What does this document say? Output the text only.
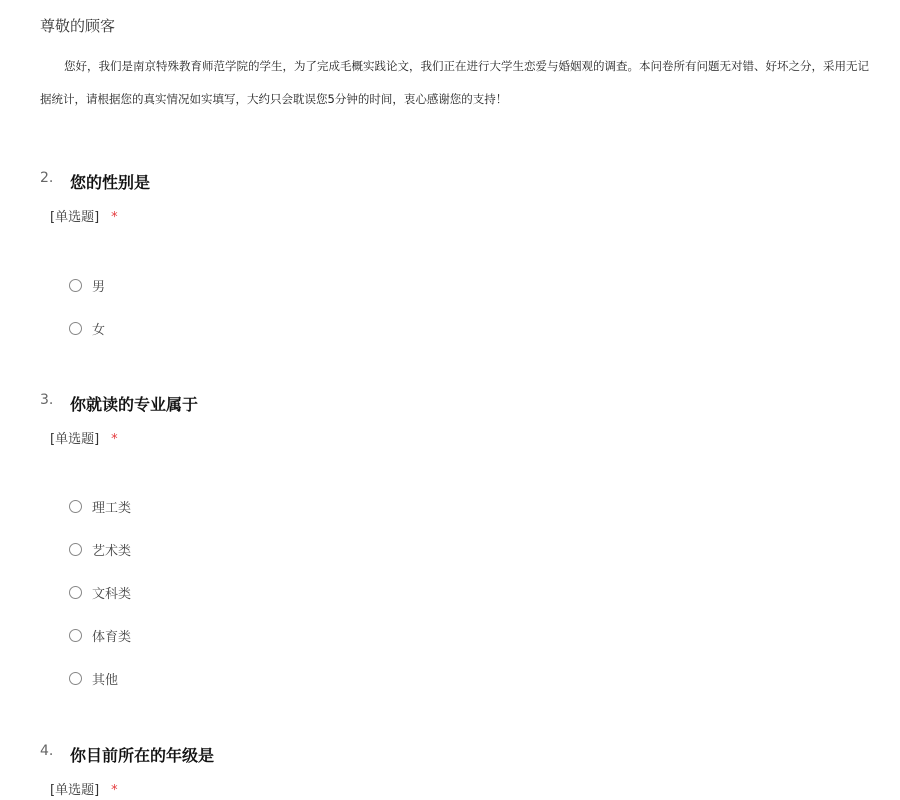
尊敬的顾客
您好，我们是南京特殊教育师范学院的学生，为了完成毛概实践论文，我们正在进行大学生恋爱与婚姻观的调查。本问卷所有问题无对错、好坏之分，采用无记
据统计，请根据您的真实情况如实填写，大约只会耽误您5分钟的时间，衷心感谢您的支持！
2. 您的性别是
[单选题] *
男
女
3. 你就读的专业属于
[单选题] *
理工类
艺术类
文科类
体育类
其他
4. 你目前所在的年级是
[单选题] *
